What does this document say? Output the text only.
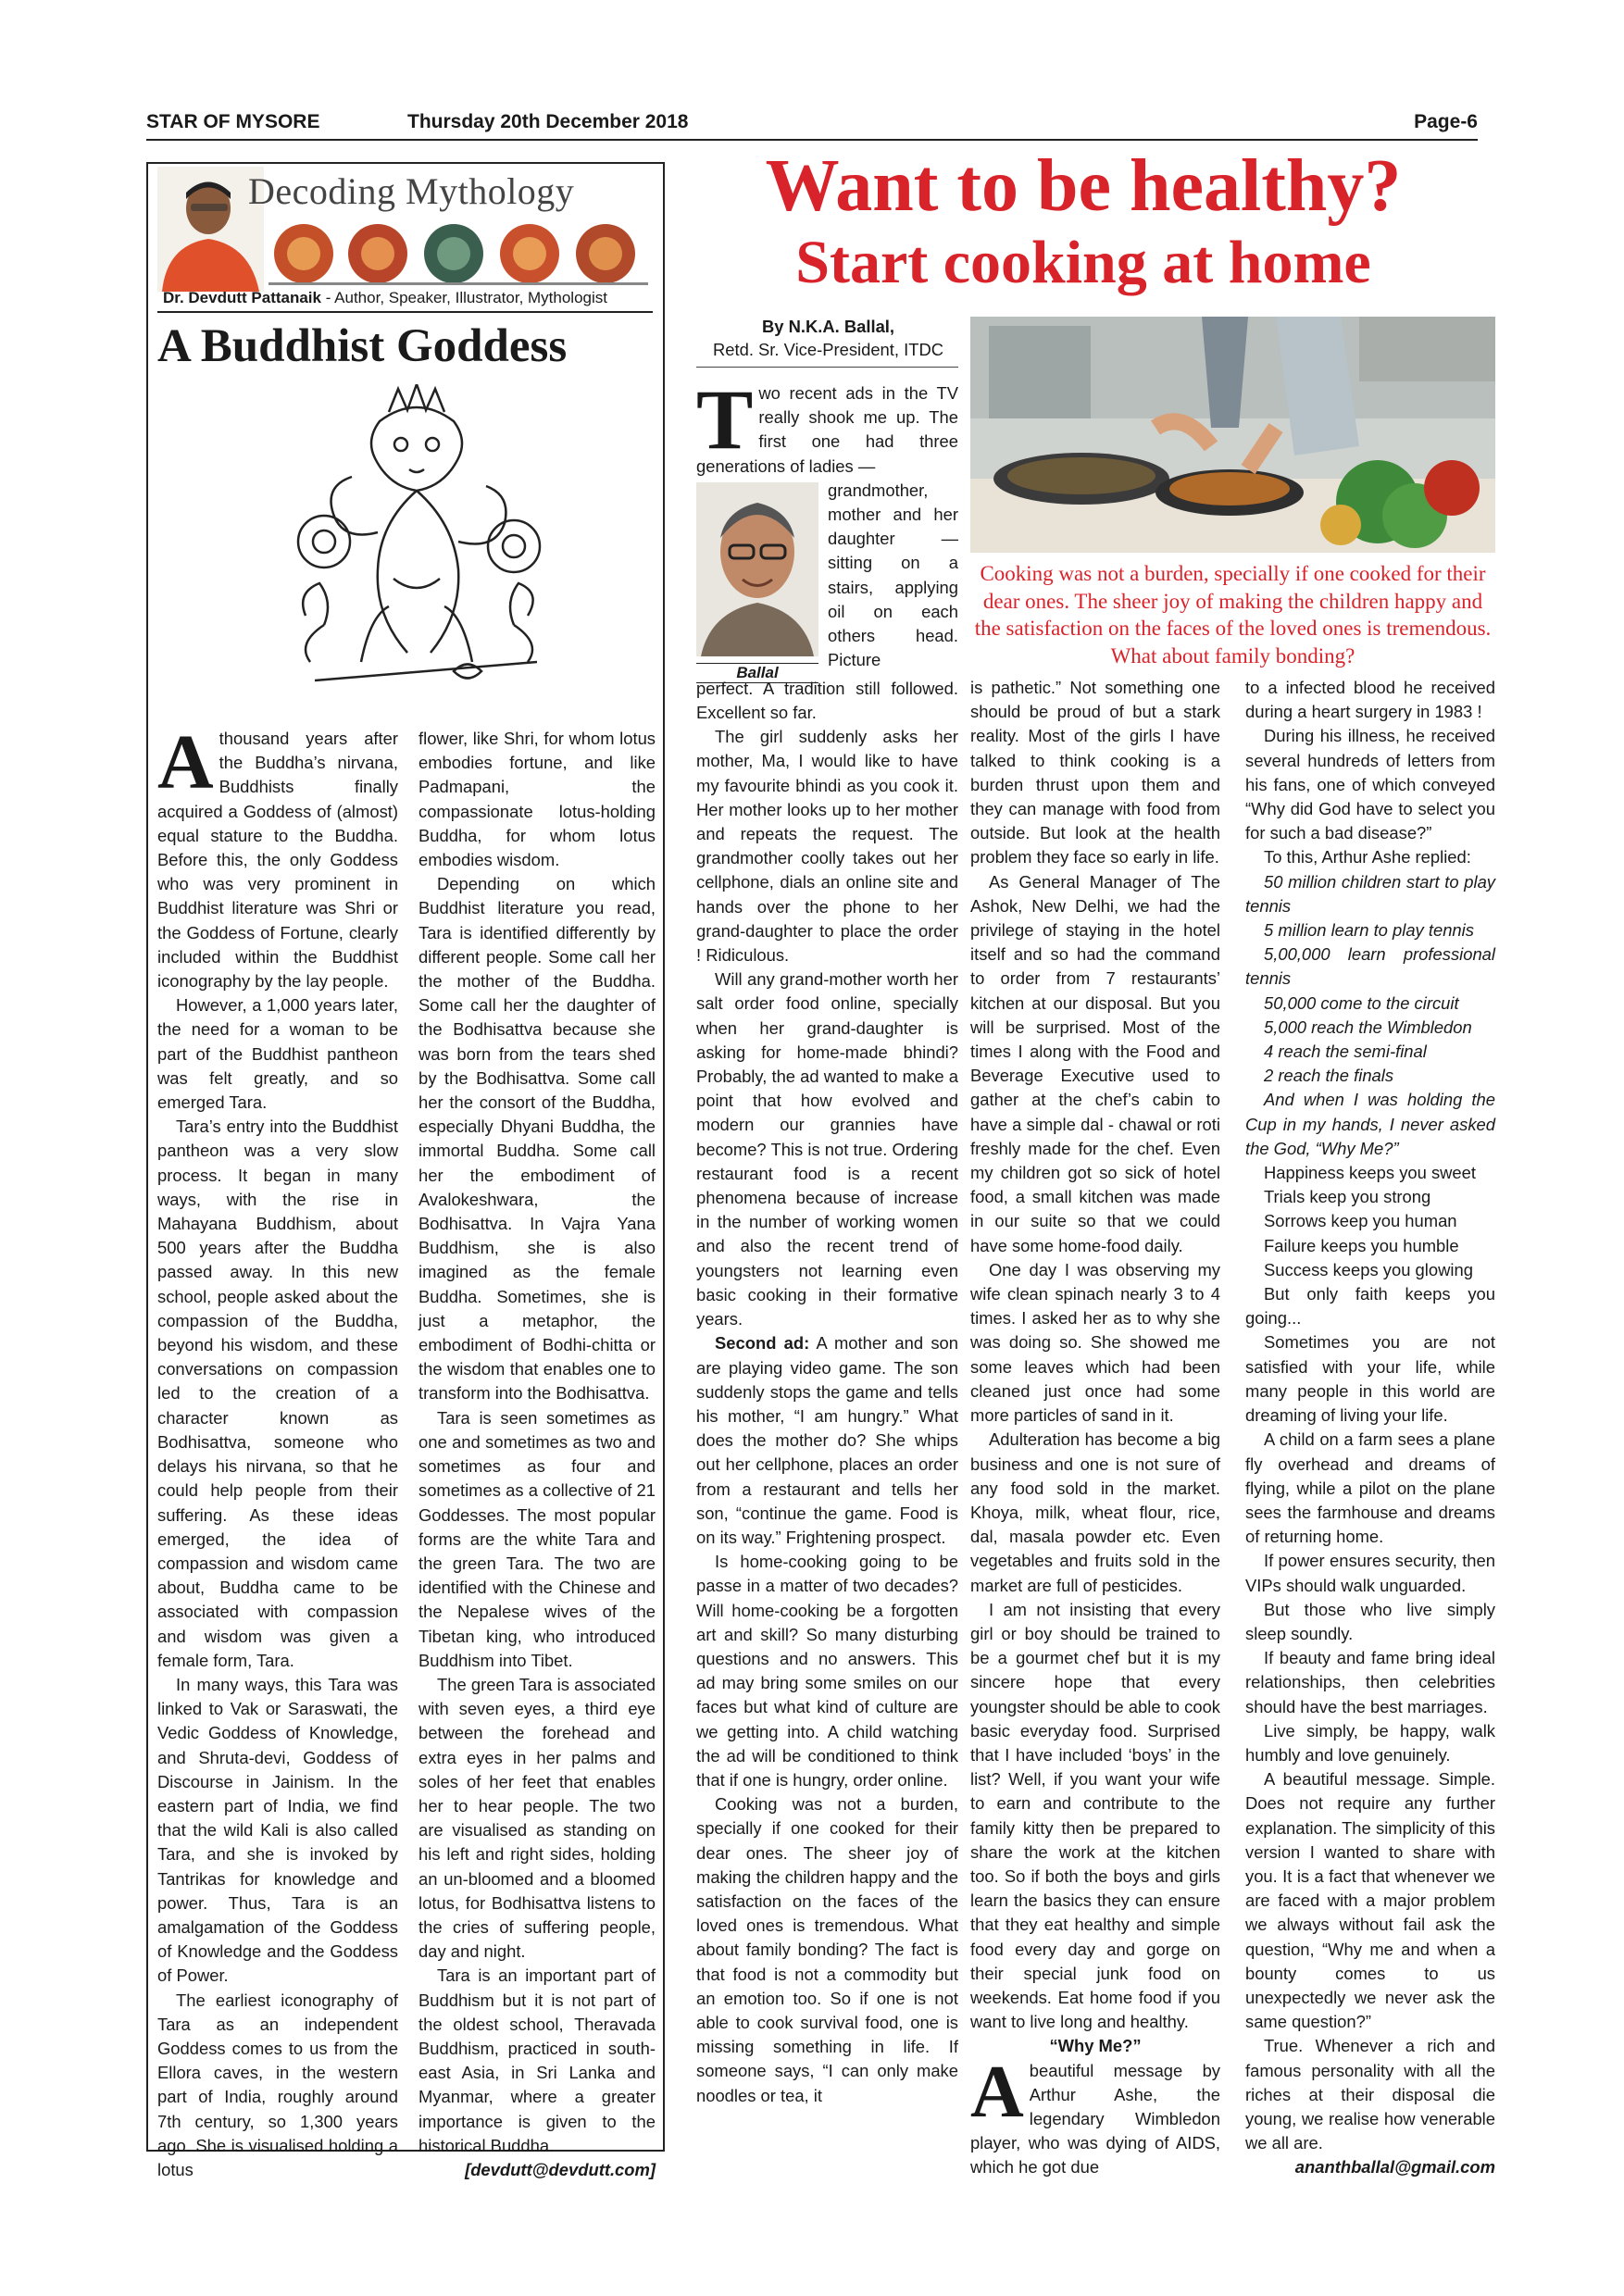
STAR OF MYSORE	Thursday 20th December 2018	Page-6
Decoding Mythology
Dr. Devdutt Pattanaik - Author, Speaker, Illustrator, Mythologist
A Buddhist Goddess
A thousand years after the Buddha’s nirvana, Buddhists finally acquired a Goddess of (almost) equal stature to the Buddha. Before this, the only Goddess who was very prominent in Buddhist literature was Shri or the Goddess of Fortune, clearly included within the Buddhist iconography by the lay people.

However, a 1,000 years later, the need for a woman to be part of the Buddhist pantheon was felt greatly, and so emerged Tara.

Tara’s entry into the Buddhist pantheon was a very slow process. It began in many ways, with the rise in Mahayana Buddhism, about 500 years after the Buddha passed away. In this new school, people asked about the compassion of the Buddha, beyond his wisdom, and these conversations on compassion led to the creation of a character known as Bodhisattva, someone who delays his nirvana, so that he could help people from their suffering. As these ideas emerged, the idea of compassion and wisdom came about, Buddha came to be associated with compassion and wisdom was given a female form, Tara.

In many ways, this Tara was linked to Vak or Saraswati, the Vedic Goddess of Knowledge, and Shruta-devi, Goddess of Discourse in Jainism. In the eastern part of India, we find that the wild Kali is also called Tara, and she is invoked by Tantrikas for knowledge and power. Thus, Tara is an amalgamation of the Goddess of Knowledge and the Goddess of Power.

The earliest iconography of Tara as an independent Goddess comes to us from the Ellora caves, in the western part of India, roughly around 7th century, so 1,300 years ago. She is visualised holding a lotus

flower, like Shri, for whom lotus embodies fortune, and like Padmapani, the compassionate lotus-holding Buddha, for whom lotus embodies wisdom.

Depending on which Buddhist literature you read, Tara is identified differently by different people. Some call her the mother of the Buddha. Some call her the daughter of the Bodhisattva because she was born from the tears shed by the Bodhisattva. Some call her the consort of the Buddha, especially Dhyani Buddha, the immortal Buddha. Some call her the embodiment of Avalokeshwara, the Bodhisattva. In Vajra Yana Buddhism, she is also imagined as the female Buddha. Sometimes, she is just a metaphor, the embodiment of Bodhi-chitta or the wisdom that enables one to transform into the Bodhisattva.

Tara is seen sometimes as one and sometimes as two and sometimes as four and sometimes as a collective of 21 Goddesses. The most popular forms are the white Tara and the green Tara. The two are identified with the Chinese and the Nepalese wives of the Tibetan king, who introduced Buddhism into Tibet.

The green Tara is associated with seven eyes, a third eye between the forehead and extra eyes in her palms and soles of her feet that enables her to hear people. The two are visualised as standing on his left and right sides, holding an un-bloomed and a bloomed lotus, for Bodhisattva listens to the cries of suffering people, day and night.

Tara is an important part of Buddhism but it is not part of the oldest school, Theravada Buddhism, practiced in south-east Asia, in Sri Lanka and Myanmar, where a greater importance is given to the historical Buddha.

[devdutt@devdutt.com]
Want to be healthy?
Start cooking at home
By N.K.A. Ballal,
Retd. Sr. Vice-President, ITDC
Cooking was not a burden, specially if one cooked for their dear ones. The sheer joy of making the children happy and the satisfaction on the faces of the loved ones is tremendous. What about family bonding?
T wo recent ads in the TV really shook me up. The first one had three generations of ladies —

Ballal

grandmother, mother and her daughter — sitting on a stairs, applying oil on each others head. Picture

perfect. A tradition still followed. Excellent so far.

The girl suddenly asks her mother, Ma, I would like to have my favourite bhindi as you cook it. Her mother looks up to her mother and repeats the request. The grandmother coolly takes out her cellphone, dials an online site and hands over the phone to her grand-daughter to place the order ! Ridiculous.

Will any grand-mother worth her salt order food online, specially when her grand-daughter is asking for home-made bhindi? Probably, the ad wanted to make a point that how evolved and modern our grannies have become? This is not true. Ordering restaurant food is a recent phenomena because of increase in the number of working women and also the recent trend of youngsters not learning even basic cooking in their formative years.

Second ad: A mother and son are playing video game. The son suddenly stops the game and tells his mother, “I am hungry.” What does the mother do? She whips out her cellphone, places an order from a restaurant and tells her son, “continue the game. Food is on its way.” Frightening prospect.

Is home-cooking going to be passe in a matter of two decades? Will home-cooking be a forgotten art and skill? So many disturbing questions and no answers. This ad may bring some smiles on our faces but what kind of culture are we getting into. A child watching the ad will be conditioned to think that if one is hungry, order online.

Cooking was not a burden, specially if one cooked for their dear ones. The sheer joy of making the children happy and the satisfaction on the faces of the loved ones is tremendous. What about family bonding? The fact is that food is not a commodity but an emotion too. So if one is not able to cook survival food, one is missing something in life. If someone says, “I can only make noodles or tea, it

is pathetic.” Not something one should be proud of but a stark reality. Most of the girls I have talked to think cooking is a burden thrust upon them and they can manage with food from outside. But look at the health problem they face so early in life.

As General Manager of The Ashok, New Delhi, we had the privilege of staying in the hotel itself and so had the command to order from 7 restaurants’ kitchen at our disposal. But you will be surprised. Most of the times I along with the Food and Beverage Executive used to gather at the chef’s cabin to have a simple dal - chawal or roti freshly made for the chef. Even my children got so sick of hotel food, a small kitchen was made in our suite so that we could have some home-food daily.

One day I was observing my wife clean spinach nearly 3 to 4 times. I asked her as to why she was doing so. She showed me some leaves which had been cleaned just once had some more particles of sand in it.

Adulteration has become a big business and one is not sure of any food sold in the market. Khoya, milk, wheat flour, rice, dal, masala powder etc. Even vegetables and fruits sold in the market are full of pesticides.

I am not insisting that every girl or boy should be trained to be a gourmet chef but it is my sincere hope that every youngster should be able to cook basic everyday food. Surprised that I have included ‘boys’ in the list? Well, if you want your wife to earn and contribute to the family kitty then be prepared to share the work at the kitchen too. So if both the boys and girls learn the basics they can ensure that they eat healthy and simple food every day and gorge on their special junk food on weekends. Eat home food if you want to live long and healthy.

“Why Me?”
A beautiful message by Arthur Ashe, the legendary Wimbledon player, who was dying of AIDS, which he got due

to a infected blood he received during a heart surgery in 1983 !

During his illness, he received several hundreds of letters from his fans, one of which conveyed “Why did God have to select you for such a bad disease?”

To this, Arthur Ashe replied:

50 million children start to play tennis

5 million learn to play tennis

5,00,000 learn professional tennis

50,000 come to the circuit

5,000 reach the Wimbledon

4 reach the semi-final

2 reach the finals

And when I was holding the Cup in my hands, I never asked the God, “Why Me?”

Happiness keeps you sweet

Trials keep you strong

Sorrows keep you human

Failure keeps you humble

Success keeps you glowing

But only faith keeps you going...

Sometimes you are not satisfied with your life, while many people in this world are dreaming of living your life.

A child on a farm sees a plane fly overhead and dreams of flying, while a pilot on the plane sees the farmhouse and dreams of returning home.

If power ensures security, then VIPs should walk unguarded.

But those who live simply sleep soundly.

If beauty and fame bring ideal relationships, then celebrities should have the best marriages.

Live simply, be happy, walk humbly and love genuinely.

A beautiful message. Simple. Does not require any further explanation. The simplicity of this version I wanted to share with you. It is a fact that whenever we are faced with a major problem we always without fail ask the question, “Why me and when a bounty comes to us unexpectedly we never ask the same question?”

True. Whenever a rich and famous personality with all the riches at their disposal die young, we realise how venerable we all are.

ananthballal@gmail.com
